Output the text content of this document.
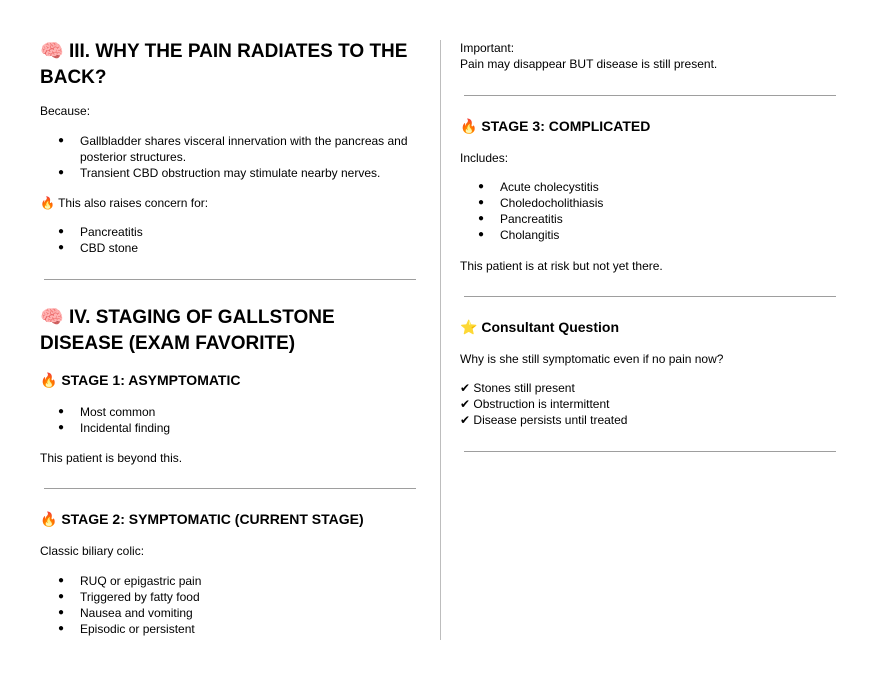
🧠 III. WHY THE PAIN RADIATES TO THE
BACK?
Because:
● Gallbladder shares visceral innervation with the pancreas and
posterior structures.
● Transient CBD obstruction may stimulate nearby nerves.
🔥 This also raises concern for:
● Pancreatitis
● CBD stone
🧠 IV. STAGING OF GALLSTONE
DISEASE (EXAM FAVORITE)
🔥 STAGE 1: ASYMPTOMATIC
● Most common
● Incidental finding
This patient is beyond this.
🔥 STAGE 2: SYMPTOMATIC (CURRENT STAGE)
Classic biliary colic:
● RUQ or epigastric pain
● Triggered by fatty food
● Nausea and vomiting
● Episodic or persistent
Important:
Pain may disappear BUT disease is still present.
🔥 STAGE 3: COMPLICATED
Includes:
● Acute cholecystitis
● Choledocholithiasis
● Pancreatitis
● Cholangitis
This patient is at risk but not yet there.
⭐ Consultant Question
Why is she still symptomatic even if no pain now?
✔ Stones still present
✔ Obstruction is intermittent
✔ Disease persists until treated
